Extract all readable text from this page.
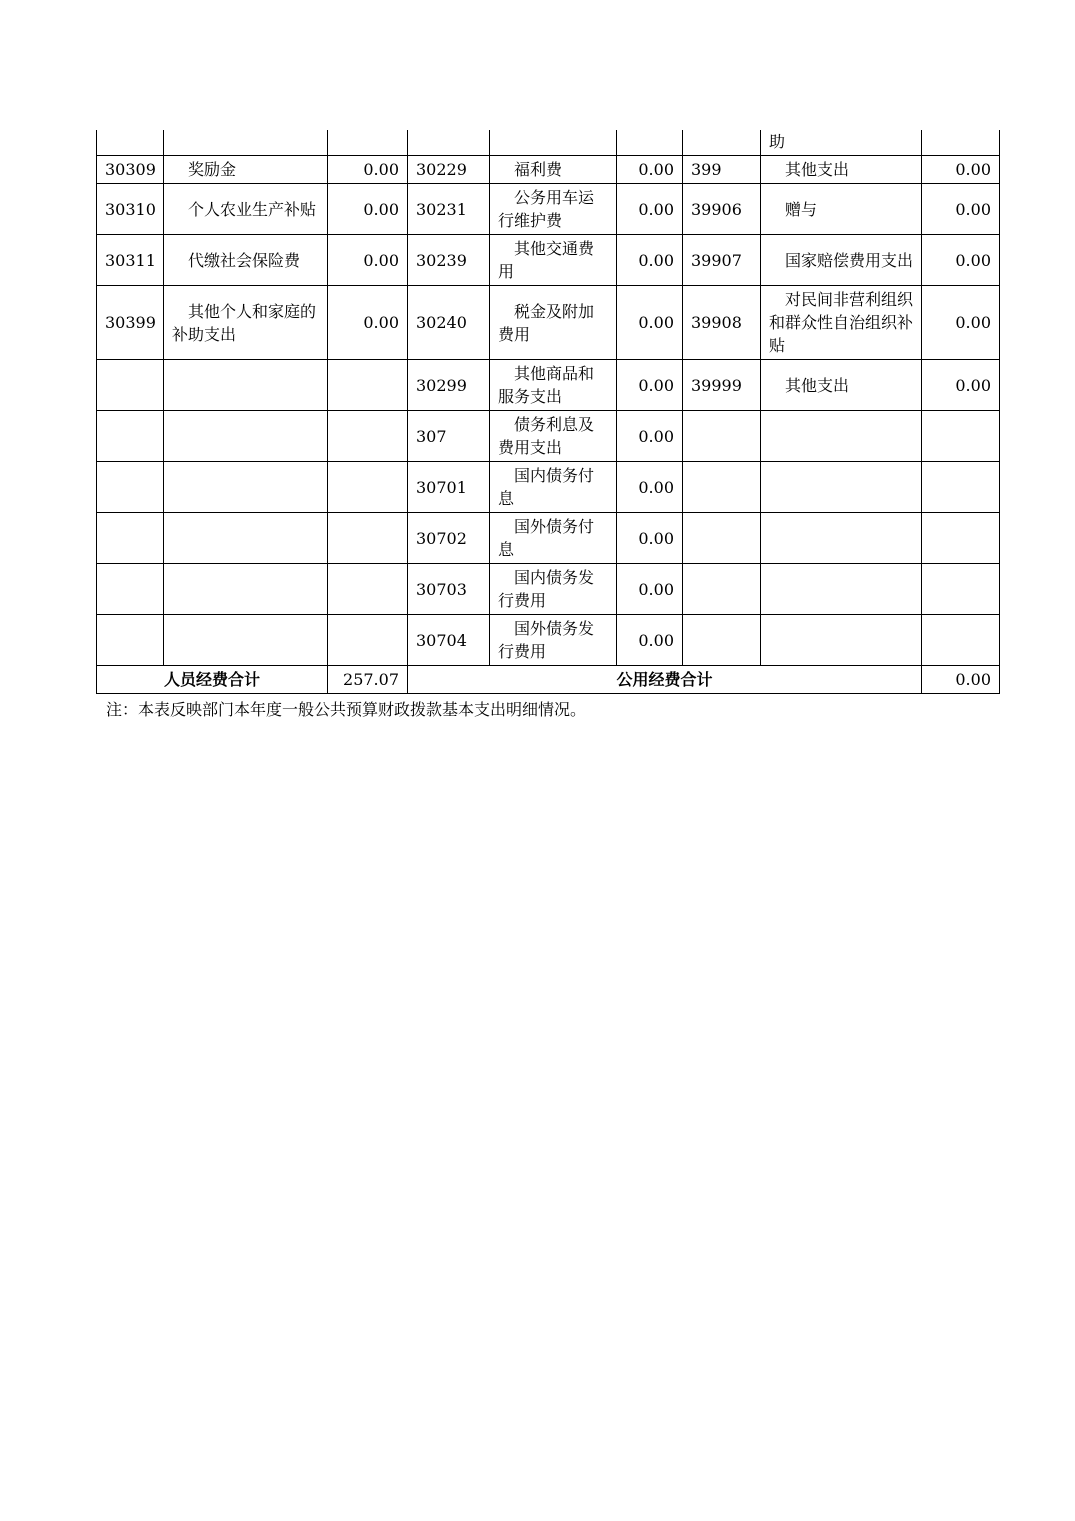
							助	
30309	奖励金	0.00	30229	福利费	0.00	399	其他支出	0.00
30310	个人农业生产补贴	0.00	30231	公务用车运行维护费	0.00	39906	赠与	0.00
30311	代缴社会保险费	0.00	30239	其他交通费用	0.00	39907	国家赔偿费用支出	0.00
30399	其他个人和家庭的补助支出	0.00	30240	税金及附加费用	0.00	39908	对民间非营利组织和群众性自治组织补贴	0.00
			30299	其他商品和服务支出	0.00	39999	其他支出	0.00
			307	债务利息及费用支出	0.00			
			30701	国内债务付息	0.00			
			30702	国外债务付息	0.00			
			30703	国内债务发行费用	0.00			
			30704	国外债务发行费用	0.00			
人员经费合计		257.07	公用经费合计					0.00
注：本表反映部门本年度一般公共预算财政拨款基本支出明细情况。
